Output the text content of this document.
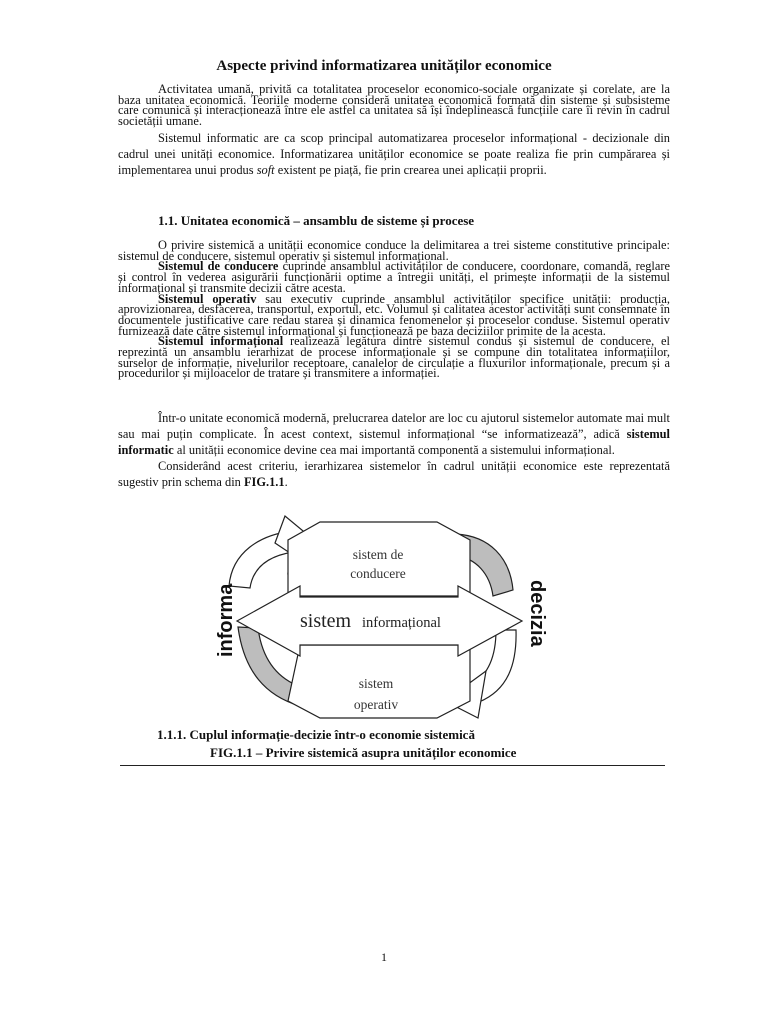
Aspecte privind informatizarea unităților economice
Activitatea umană, privită ca totalitatea proceselor economico-sociale organizate și corelate, are la baza unitatea economică. Teoriile moderne consideră unitatea economică formată din sisteme și subsisteme care comunică și interacționează între ele astfel ca unitatea să își îndeplinească funcțiile care îi revin în cadrul societății umane.
Sistemul informatic are ca scop principal automatizarea proceselor informațional - decizionale din cadrul unei unități economice. Informatizarea unităților economice se poate realiza fie prin cumpărarea și implementarea unui produs soft existent pe piață, fie prin crearea unei aplicații proprii.
1.1. Unitatea economică – ansamblu de sisteme și procese

O privire sistemică a unității economice conduce la delimitarea a trei sisteme constitutive principale: sistemul de conducere, sistemul operativ și sistemul informațional.

Sistemul de conducere cuprinde ansamblul activităților de conducere, coordonare, comandă, reglare și control în vederea asigurării funcționării optime a întregii unități, el primește informații de la sistemul informațional și transmite decizii către acesta.

Sistemul operativ sau executiv cuprinde ansamblul activităților specifice unității: producția, aprovizionarea, desfacerea, transportul, exportul, etc. Volumul și calitatea acestor activități sunt consemnate în documentele justificative care redau starea și dinamica fenomenelor și proceselor conduse. Sistemul operativ furnizează date către sistemul informațional și funcționează pe baza deciziilor primite de la acesta.

Sistemul informațional realizează legătura dintre sistemul condus și sistemul de conducere, el reprezintă un ansamblu ierarhizat de procese informaționale și se compune din totalitatea informațiilor, surselor de informație, nivelurilor receptoare, canalelor de circulație a fluxurilor informaționale, precum și a procedurilor și mijloacelor de tratare și transmitere a informației.

Într-o unitate economică modernă, prelucrarea datelor are loc cu ajutorul sistemelor automate mai mult sau mai puțin complicate. În acest context, sistemul informațional “se informatizează”, adică sistemul informatic al unității economice devine cea mai importantă componentă a sistemului informațional.

Considerând acest criteriu, ierarhizarea sistemelor în cadrul unității economice este reprezentată sugestiv prin schema din FIG.1.1.

sistem de
conducere
sistem informațional
sistem
operativ
informa	decizia
1.1.1. Cuplul informație-decizie într-o economie sistemică
FIG.1.1 – Privire sistemică asupra unităților economice
1
